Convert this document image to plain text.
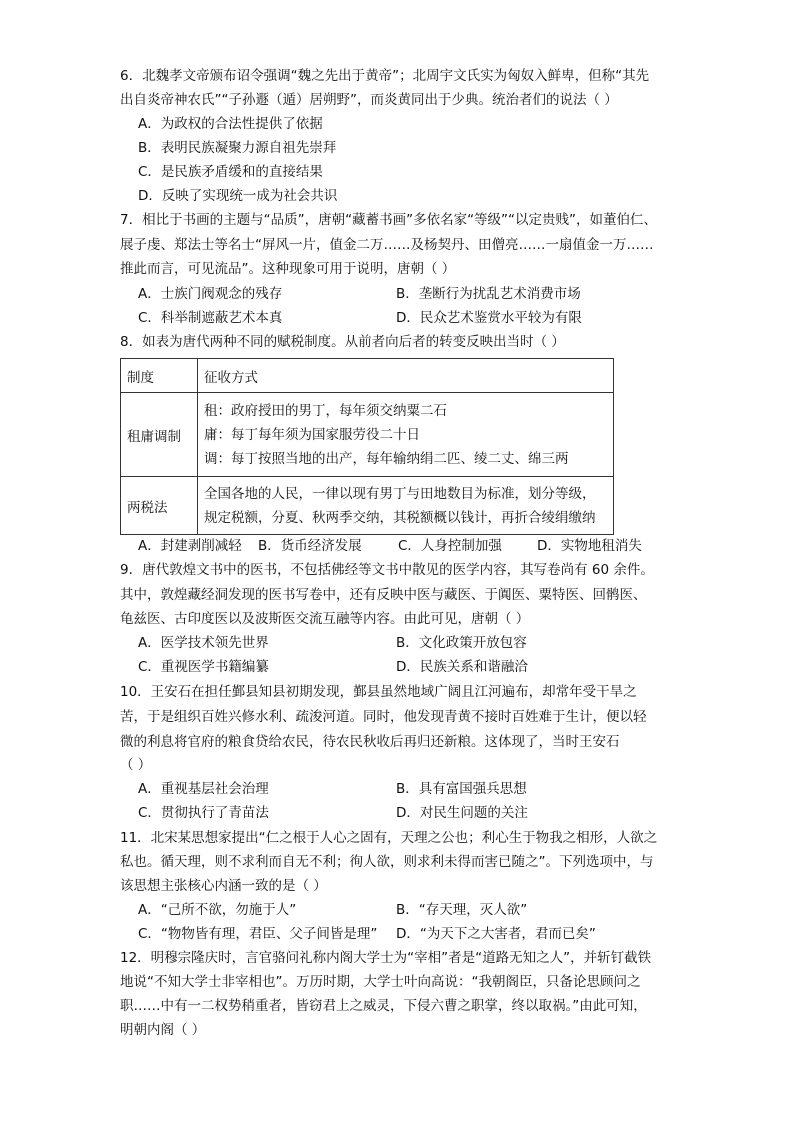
6．北魏孝文帝颁布诏令强调“魏之先出于黄帝”；北周宇文氏实为匈奴入鲜卑，但称“其先
出自炎帝神农氏”“子孙遯（遁）居朔野”，而炎黄同出于少典。统治者们的说法（ ）
A．为政权的合法性提供了依据
B．表明民族凝聚力源自祖先崇拜
C．是民族矛盾缓和的直接结果
D．反映了实现统一成为社会共识
7．相比于书画的主题与“品质”，唐朝“藏蓄书画”多依名家“等级”“以定贵贱”，如董伯仁、
展子虔、郑法士等名士“屏风一片，值金二万……及杨契丹、田僧亮……一扇值金一万……
推此而言，可见流品”。这种现象可用于说明，唐朝（ ）
A．士族门阀观念的残存	B．垄断行为扰乱艺术消费市场
C．科举制遮蔽艺术本真	D．民众艺术鉴赏水平较为有限
8．如表为唐代两种不同的赋税制度。从前者向后者的转变反映出当时（ ）
制度	征收方式
租庸调制	租：政府授田的男丁，每年须交纳粟二石
庸：每丁每年须为国家服劳役二十日
调：每丁按照当地的出产，每年输纳绢二匹、绫二丈、绵三两

两税法	全国各地的人民，一律以现有男丁与田地数目为标准，划分等级，
规定税额，分夏、秋两季交纳，其税额概以钱计，再折合绫绢缴纳
A．封建剥削减轻 B．货币经济发展	C．人身控制加强	D．实物地租消失
9．唐代敦煌文书中的医书，不包括佛经等文书中散见的医学内容，其写卷尚有 60 余件。
其中，敦煌藏经洞发现的医书写卷中，还有反映中医与藏医、于阗医、粟特医、回鹘医、
龟兹医、古印度医以及波斯医交流互融等内容。由此可见，唐朝（ ）
A．医学技术领先世界	B．文化政策开放包容
C．重视医学书籍编纂	D．民族关系和谐融洽
10．王安石在担任鄞县知县初期发现，鄞县虽然地域广阔且江河遍布，却常年受干旱之
苦，于是组织百姓兴修水利、疏浚河道。同时，他发现青黄不接时百姓难于生计，便以轻
微的利息将官府的粮食贷给农民，待农民秋收后再归还新粮。这体现了，当时王安石
（ ）
A．重视基层社会治理	B．具有富国强兵思想
C．贯彻执行了青苗法	D．对民生问题的关注
11．北宋某思想家提出“仁之根于人心之固有，天理之公也；利心生于物我之相形，人欲之
私也。循天理，则不求利而自无不利；徇人欲，则求利未得而害已随之”。下列选项中，与
该思想主张核心内涵一致的是（ ）
A．“己所不欲，勿施于人”	B．“存天理，灭人欲”
C．“物物皆有理，君臣、父子间皆是理” D．“为天下之大害者，君而已矣”
12．明穆宗隆庆时，言官骆问礼称内阁大学士为“宰相”者是“道路无知之人”，并斩钉截铁
地说“不知大学士非宰相也”。万历时期，大学士叶向高说：“我朝阁臣，只备论思顾问之
职……中有一二权势稍重者，皆窃君上之威灵，下侵六曹之职掌，终以取祸。”由此可知，
明朝内阁（ ）
